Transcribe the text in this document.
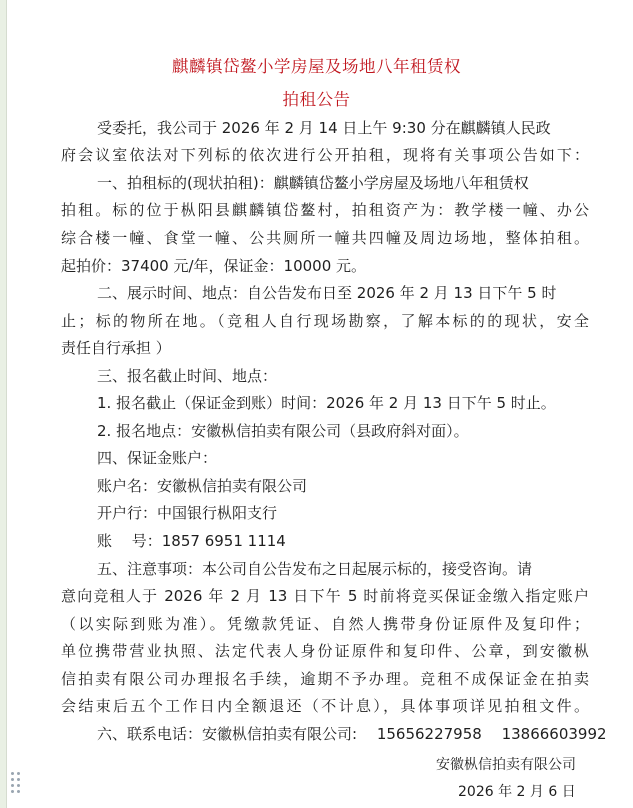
麒麟镇岱鳌小学房屋及场地八年租赁权
拍租公告
受委托，我公司于 2026 年 2 月 14 日上午 9:30 分在麒麟镇人民政
府会议室依法对下列标的依次进行公开拍租，现将有关事项公告如下：
一、拍租标的(现状拍租)：麒麟镇岱鳌小学房屋及场地八年租赁权
拍租。标的位于枞阳县麒麟镇岱鳌村，拍租资产为：教学楼一幢、办公
综合楼一幢、食堂一幢、公共厕所一幢共四幢及周边场地，整体拍租。
起拍价：37400 元/年，保证金：10000 元。
二、展示时间、地点：自公告发布日至 2026 年 2 月 13 日下午 5 时
止；标的物所在地。（竞租人自行现场勘察，了解本标的的现状，安全
责任自行承担 ）
三、报名截止时间、地点：
1. 报名截止（保证金到账）时间：2026 年 2 月 13 日下午 5 时止。
2. 报名地点：安徽枞信拍卖有限公司（县政府斜对面）。
四、保证金账户：
账户名：安徽枞信拍卖有限公司
开户行：中国银行枞阳支行
账　 号：1857 6951 1114
五、注意事项：本公司自公告发布之日起展示标的，接受咨询。请
意向竞租人于 2026 年 2 月 13 日下午 5 时前将竞买保证金缴入指定账户
（以实际到账为准）。凭缴款凭证、自然人携带身份证原件及复印件；
单位携带营业执照、法定代表人身份证原件和复印件、公章，到安徽枞
信拍卖有限公司办理报名手续，逾期不予办理。竞租不成保证金在拍卖
会结束后五个工作日内全额退还（不计息），具体事项详见拍租文件。
六、联系电话：安徽枞信拍卖有限公司:　 15656227958　 13866603992
安徽枞信拍卖有限公司
2026 年 2 月 6 日
